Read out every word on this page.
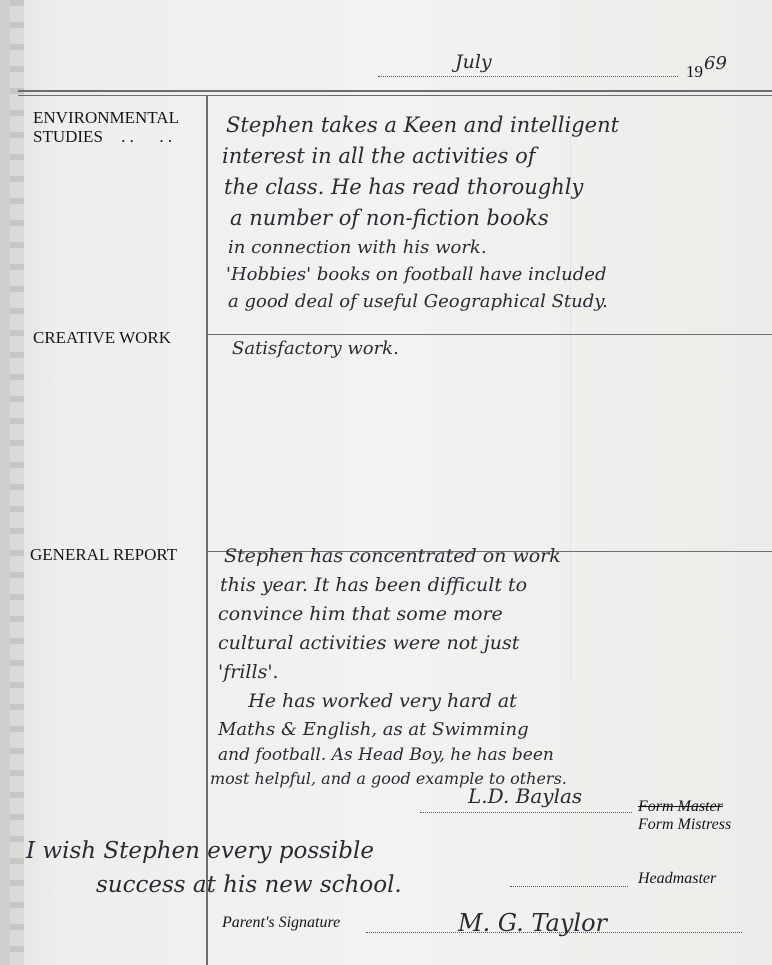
July	19 69
ENVIRONMENTAL
STUDIES . .      . .	Stephen takes a Keen and intelligent
interest in all the activities of
the class. He has read thoroughly
a number of non-fiction books
in connection with his work.
'Hobbies' books on football have included
a good deal of useful Geographical Study.
CREATIVE WORK
Satisfactory work.
GENERAL REPORT Stephen has concentrated on work
this year. It has been difficult to
convince him that some more
cultural activities were not just
'frills'.
He has worked very hard at
Maths & English, as at Swimming
and football. As Head Boy, he has been
most helpful, and a good example to others.
L.D. Baylas	Form Master
Form Mistress
I wish Stephen every possible
success at his new school.	Headmaster
Parent's Signature	M. G. Taylor
